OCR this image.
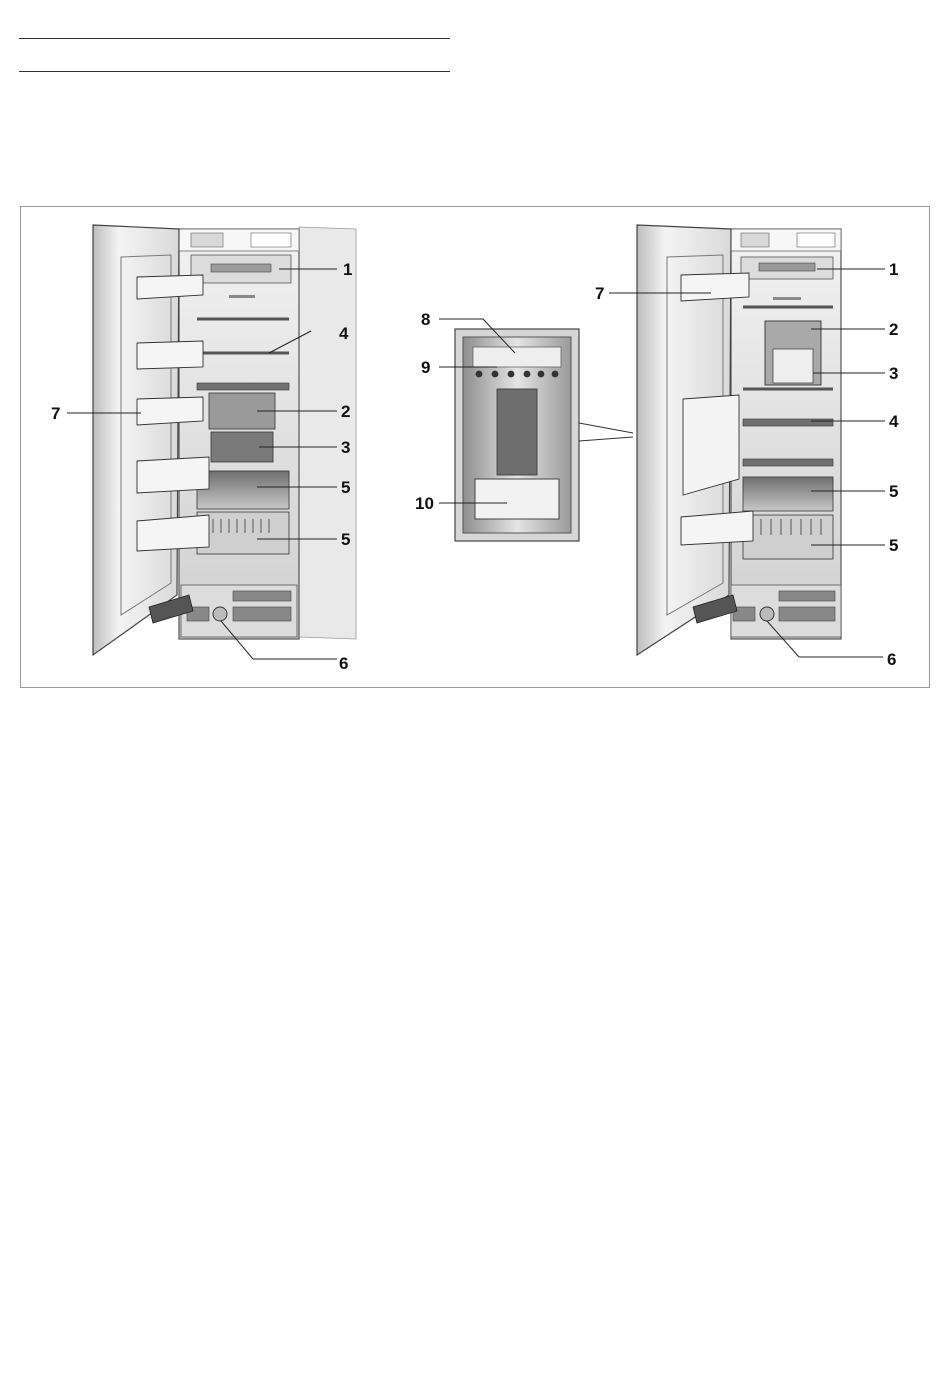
1
4
7	2
3
5
5
6
8
9
10
1
7
2
3
4
5
5
6
